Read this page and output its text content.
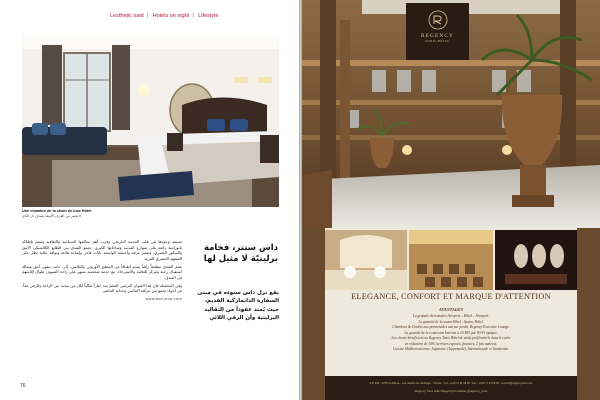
Lesthetic said | Hotels on night | Lifestyle
Une chambre de la chain de luxe Hôtel
لا تعتبر من الغرف الأنيقة بفندق دار التاي
داس سنتر، فخامة برلينيّة لا مثيل لها

تستمد وجودها في قلب المدينة التاريخي وقرب أهم معالمها السياحية والثقافية وتنعم بإطلالة بانورامية رائعة على شوارع المدينة وساحاتها الكبرى. يجمع الفندق بين الطابع الكلاسيكي الأنيق والديكور العصري، وتتميز غرفه وأجنحته الواسعة بأثاث فاخر وإضاءة هادئة ونوافذ عالية تطل على المشهد الحضري الفريد.

يضم الفندق مطعماً راقياً يقدم أطباقاً من المطبخ الأوروبي والعالمي، إلى جانب مقهى أنيق وصالة استقبال رحبة ومركز للعافية والاسترخاء، مع خدمة شخصية تسهر على راحة الضيوف طوال إقامتهم في الفندق.

وفي المحصلة فإن هذا العنوان البرليني الفخم يعد خياراً مثالياً لكل من يبحث عن الراحة والرقي معاً، في أجواء تجمع بين عراقة الماضي وحداثة الحاضر.

www.das-stue.com

يقع نزل داس ستوءه في مبنى السفارة الدانماركية القديم، حيث يُمتد عقوداً من التقاليد البرلينية وأن الرقي اللائي
76
REGENCY
TUNIS HOTEL
ELEGANCE, CONFORT ET MARQUE D'ATTENTION
AVANTAGES
La gratuité du transfert Aéroport – Hôtel – Aéroport.
La gratuité de la sauna Hôtel : Sauna, Hôtel.
Chambres & Chalets aux promenades aux sur jardin, Regency Executive Lounge.
La gratuité de la connexion Internet à 20 MO par Wi-Fi optique.
Les clients bénéficient au Regency Tunis Hôtel de tarifs préférentiels dans le cadre
en réduction de 10% (services exposés, finances, 2 fois nuitées).
Cuisine Méditerranéenne, Japonaise (Teppanyaki), Internationale et Tunisienne.
A.P. 345 – 2078 La Marsa – Les Jardins du Carthage – Tunisie · Tél : +216 71 91 08 08 · Fax : +216 71 91 08 09 · contact@regencytunis.com
Regency Tunis Hotel /RegencyTunisHotel @regency_tunis
